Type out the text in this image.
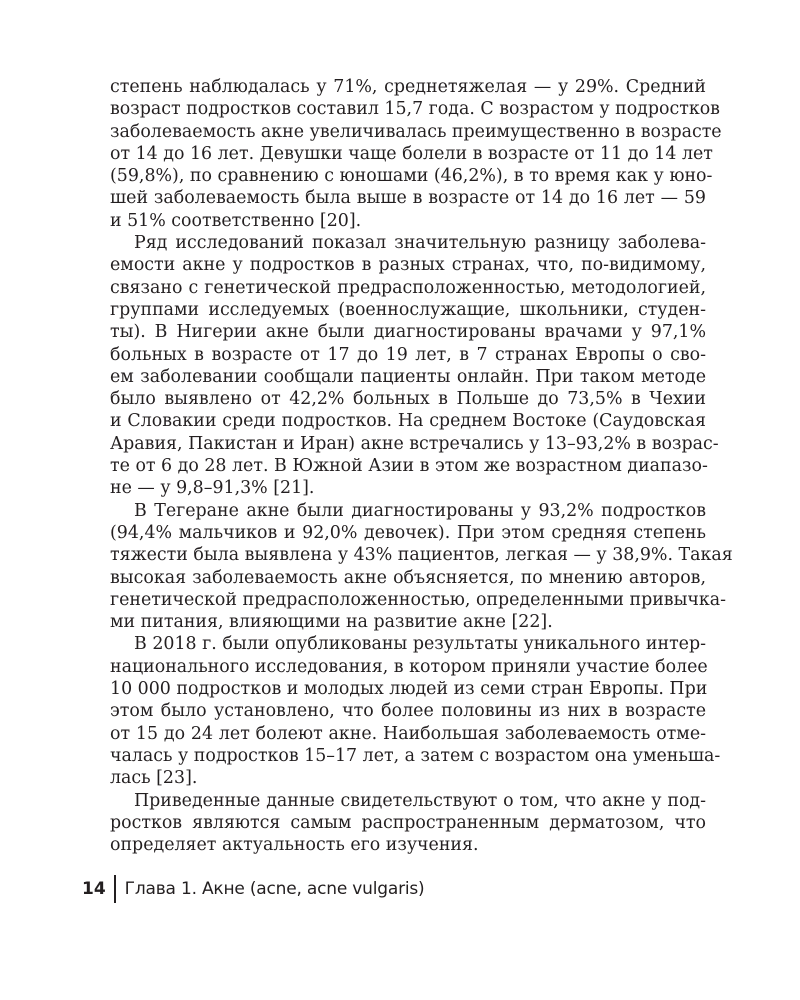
степень наблюдалась у 71%, среднетяжелая — у 29%. Средний
возраст подростков составил 15,7 года. С возрастом у подростков
заболеваемость акне увеличивалась преимущественно в возрасте
от 14 до 16 лет. Девушки чаще болели в возрасте от 11 до 14 лет
(59,8%), по сравнению с юношами (46,2%), в то время как у юно-
шей заболеваемость была выше в возрасте от 14 до 16 лет — 59
и 51% соответственно [20].
Ряд исследований показал значительную разницу заболева-
емости акне у подростков в разных странах, что, по-видимому,
связано с генетической предрасположенностью, методологией,
группами исследуемых (военнослужащие, школьники, студен-
ты). В Нигерии акне были диагностированы врачами у 97,1%
больных в возрасте от 17 до 19 лет, в 7 странах Европы о сво-
ем заболевании сообщали пациенты онлайн. При таком методе
было выявлено от 42,2% больных в Польше до 73,5% в Чехии
и Словакии среди подростков. На среднем Востоке (Саудовская
Аравия, Пакистан и Иран) акне встречались у 13–93,2% в возрас-
те от 6 до 28 лет. В Южной Азии в этом же возрастном диапазо-
не — у 9,8–91,3% [21].
В Тегеране акне были диагностированы у 93,2% подростков
(94,4% мальчиков и 92,0% девочек). При этом средняя степень
тяжести была выявлена у 43% пациентов, легкая — у 38,9%. Такая
высокая заболеваемость акне объясняется, по мнению авторов,
генетической предрасположенностью, определенными привычка-
ми питания, влияющими на развитие акне [22].
В 2018 г. были опубликованы результаты уникального интер-
национального исследования, в котором приняли участие более
10 000 подростков и молодых людей из семи стран Европы. При
этом было установлено, что более половины из них в возрасте
от 15 до 24 лет болеют акне. Наибольшая заболеваемость отме-
чалась у подростков 15–17 лет, а затем с возрастом она уменьша-
лась [23].
Приведенные данные свидетельствуют о том, что акне у под-
ростков являются самым распространенным дерматозом, что
определяет актуальность его изучения.
14	Глава 1. Акне (acne, acne vulgaris)
